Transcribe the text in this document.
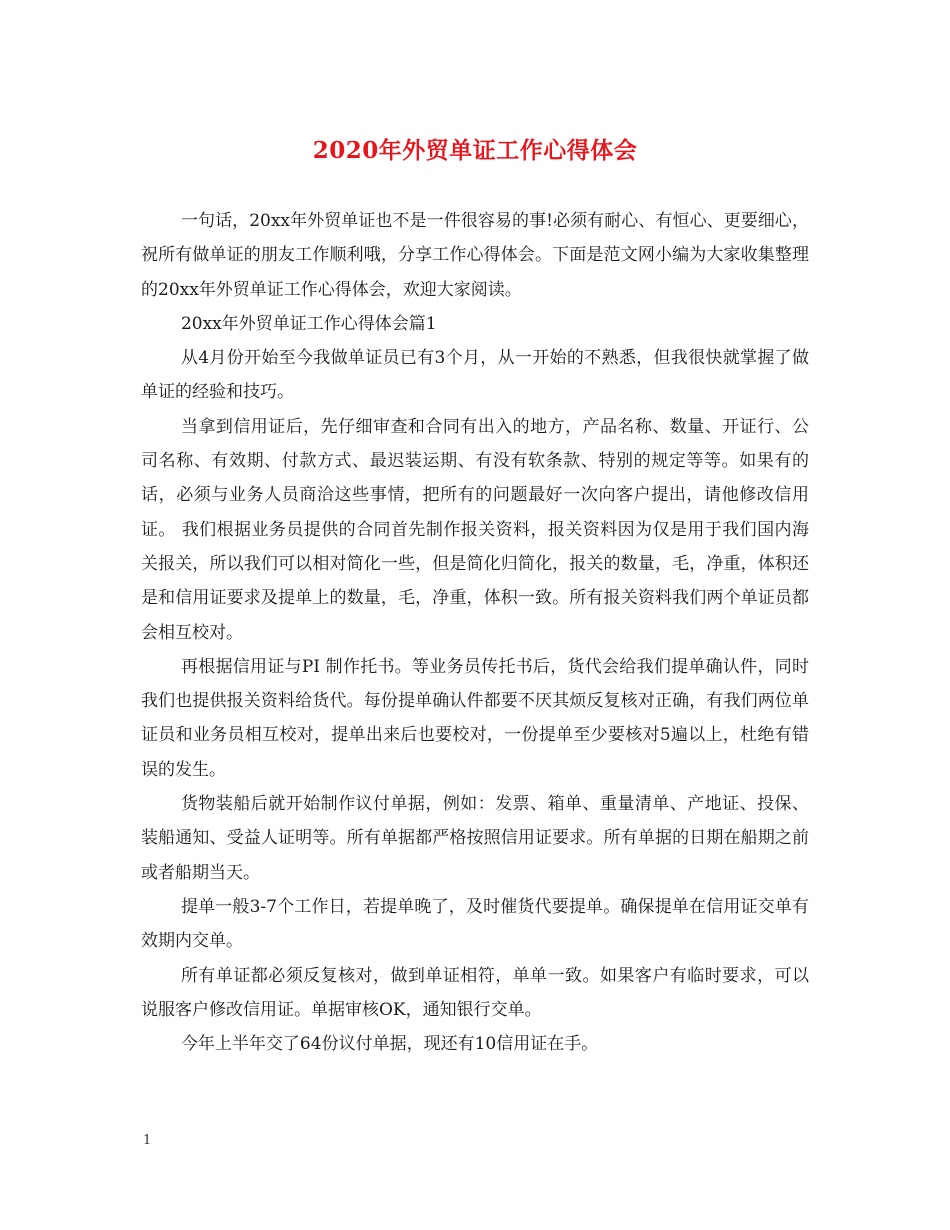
2020年外贸单证工作心得体会

一句话，20xx年外贸单证也不是一件很容易的事!必须有耐心、有恒心、更要细心，祝所有做单证的朋友工作顺利哦，分享工作心得体会。下面是范文网小编为大家收集整理的20xx年外贸单证工作心得体会，欢迎大家阅读。

20xx年外贸单证工作心得体会篇1

从4月份开始至今我做单证员已有3个月，从一开始的不熟悉，但我很快就掌握了做单证的经验和技巧。

当拿到信用证后，先仔细审查和合同有出入的地方，产品名称、数量、开证行、公司名称、有效期、付款方式、最迟装运期、有没有软条款、特别的规定等等。如果有的话，必须与业务人员商洽这些事情，把所有的问题最好一次向客户提出，请他修改信用证。 我们根据业务员提供的合同首先制作报关资料，报关资料因为仅是用于我们国内海关报关，所以我们可以相对简化一些，但是简化归简化，报关的数量，毛，净重，体积还是和信用证要求及提单上的数量，毛，净重，体积一致。所有报关资料我们两个单证员都会相互校对。

再根据信用证与PI 制作托书。等业务员传托书后，货代会给我们提单确认件，同时我们也提供报关资料给货代。每份提单确认件都要不厌其烦反复核对正确，有我们两位单证员和业务员相互校对，提单出来后也要校对，一份提单至少要核对5遍以上，杜绝有错误的发生。

货物装船后就开始制作议付单据，例如：发票、箱单、重量清单、产地证、投保、装船通知、受益人证明等。所有单据都严格按照信用证要求。所有单据的日期在船期之前或者船期当天。

提单一般3-7个工作日，若提单晚了，及时催货代要提单。确保提单在信用证交单有效期内交单。

所有单证都必须反复核对，做到单证相符，单单一致。如果客户有临时要求，可以说服客户修改信用证。单据审核OK，通知银行交单。

今年上半年交了64份议付单据，现还有10信用证在手。

1
